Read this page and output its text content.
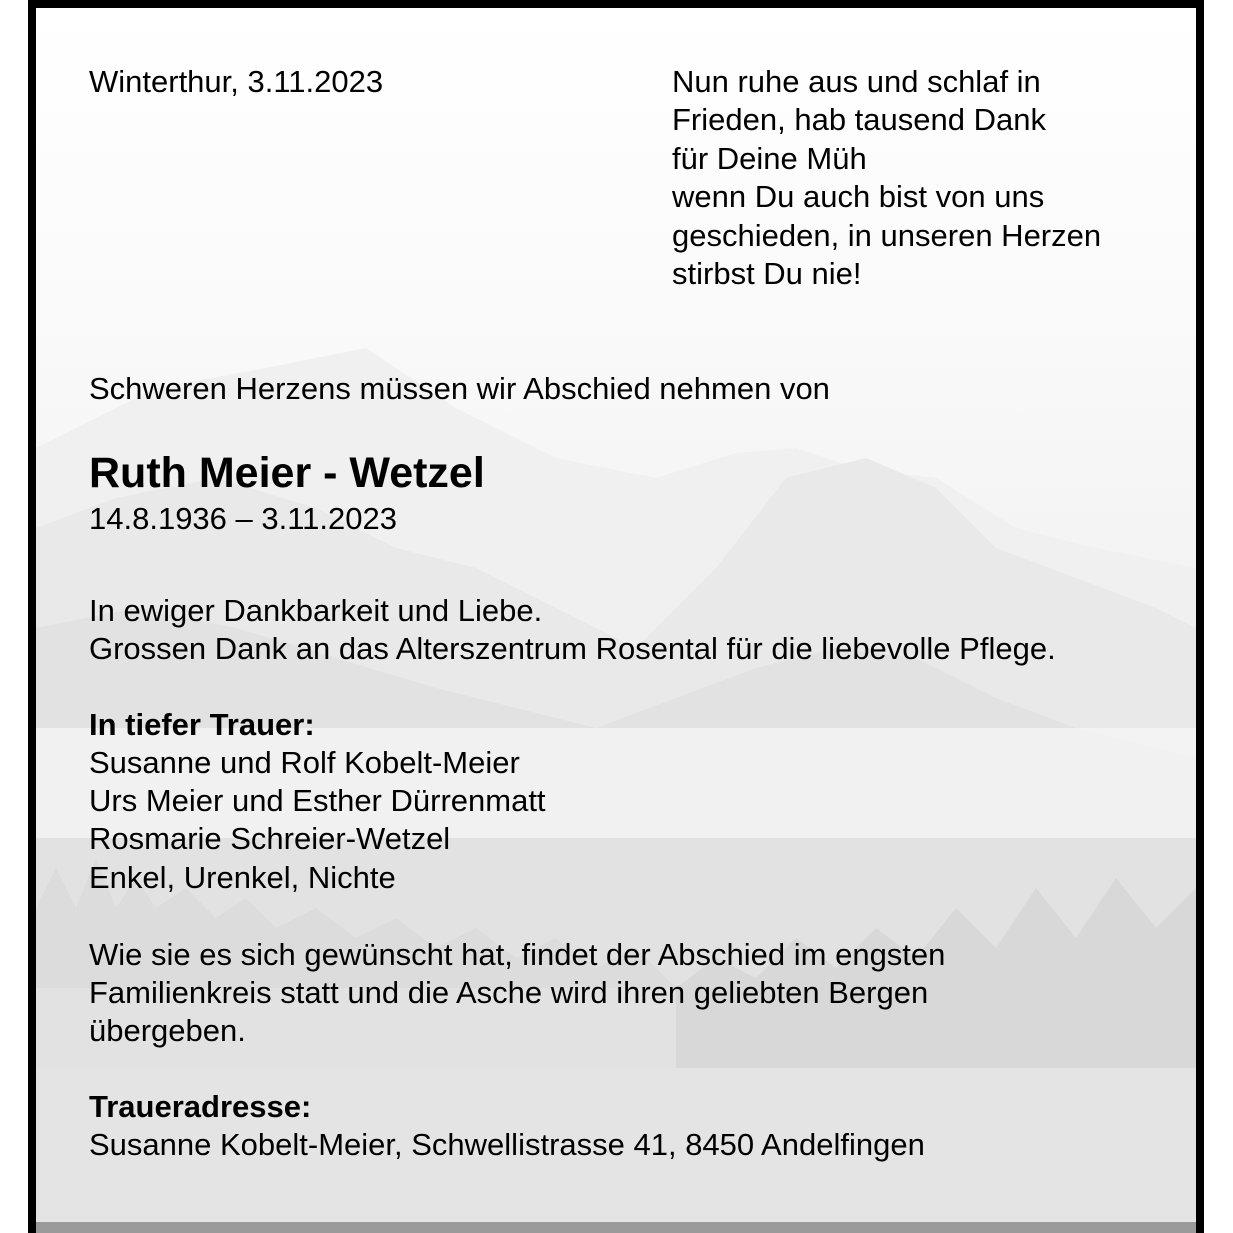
Winterthur, 3.11.2023	Nun ruhe aus und schlaf in
Frieden, hab tausend Dank
für Deine Müh
wenn Du auch bist von uns
geschieden, in unseren Herzen
stirbst Du nie!
Schweren Herzens müssen wir Abschied nehmen von
Ruth Meier - Wetzel
14.8.1936 – 3.11.2023
In ewiger Dankbarkeit und Liebe.
Grossen Dank an das Alterszentrum Rosental für die liebevolle Pflege.
In tiefer Trauer:
Susanne und Rolf Kobelt-Meier
Urs Meier und Esther Dürrenmatt
Rosmarie Schreier-Wetzel
Enkel, Urenkel, Nichte
Wie sie es sich gewünscht hat, findet der Abschied im engsten
Familienkreis statt und die Asche wird ihren geliebten Bergen
übergeben.
Traueradresse:
Susanne Kobelt-Meier, Schwellistrasse 41, 8450 Andelfingen
